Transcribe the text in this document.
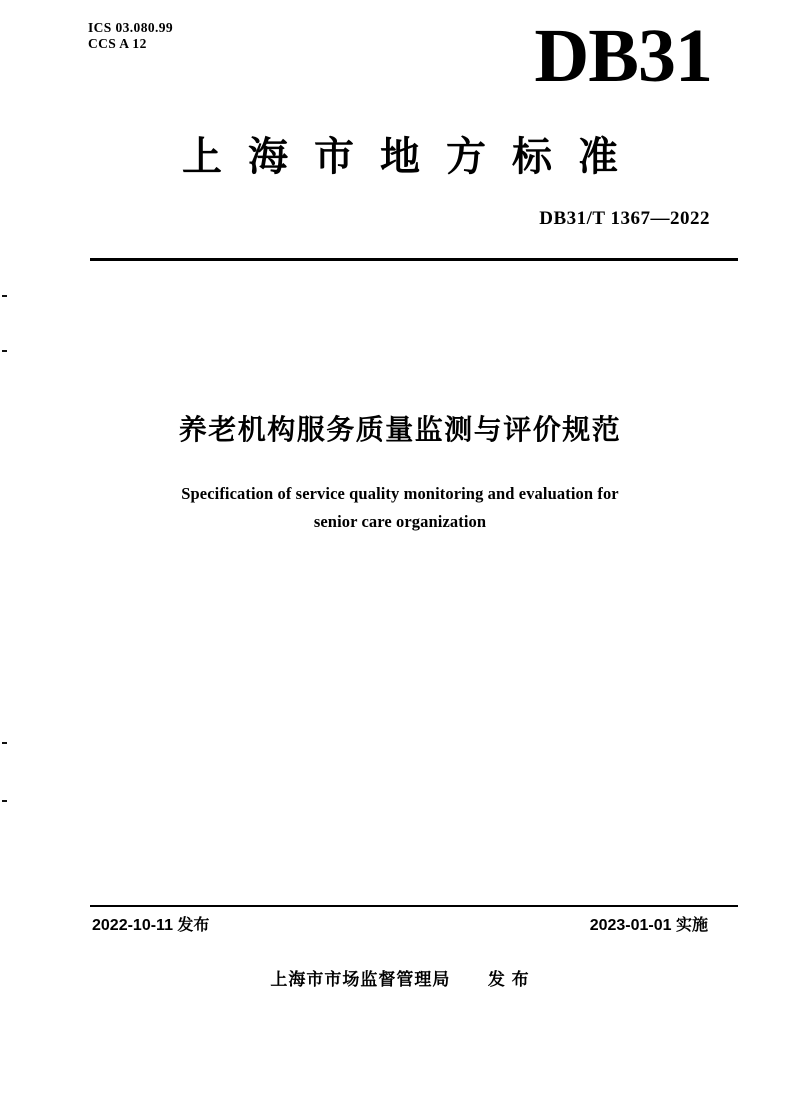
ICS 03.080.99
CCS A 12	DB31
上海市地方标准
DB31/T 1367—2022
养老机构服务质量监测与评价规范
Specification of service quality monitoring and evaluation for
senior care organization
2022-10-11 发布	2023-01-01 实施
上海市市场监督管理局 发 布
